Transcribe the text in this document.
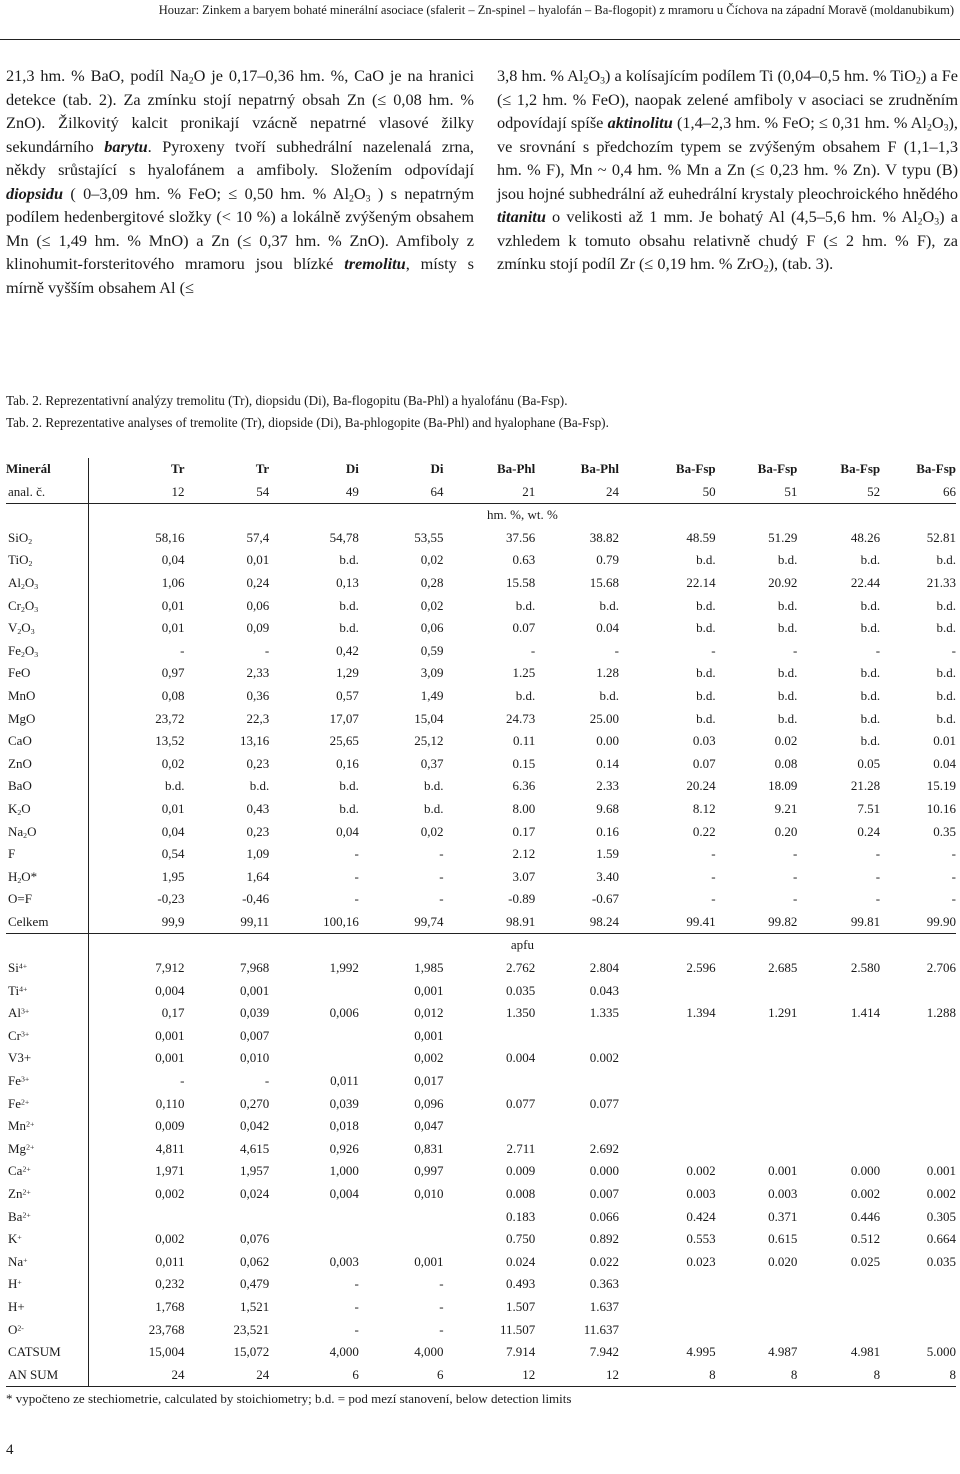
Houzar: Zinkem a baryem bohaté minerální asociace (sfalerit – Zn-spinel – hyalofán – Ba-flogopit) z mramoru u Číchova na západní Moravě (moldanubikum)

21,3 hm. % BaO, podíl $Na_2O$ je 0,17–0,36 hm. %, CaO je na hranici detekce (tab. 2). Za zmínku stojí nepatrný obsah Zn (≤ 0,08 hm. % ZnO). Žilkovitý kalcit pronikají vzácně nepatrné vlasové žilky sekundárního barytu. Pyroxeny tvoří subhedrální nazelenalá zrna, někdy srůstající s hyalofánem a amfiboly. Složením odpovídají diopsidu ( 0–3,09 hm. % FeO; ≤ 0,50 hm. % $Al_2O_3$ ) s nepatrným podílem hedenbergitové složky (< 10 %) a lokálně zvýšeným obsahem Mn (≤ 1,49 hm. % MnO) a Zn (≤ 0,37 hm. % ZnO). Amfiboly z klinohumit-forsteritového mramoru jsou blízké tremolitu, místy s mírně vyšším obsahem Al (≤

3,8 hm. % $Al_2O_3$) a kolísajícím podílem Ti (0,04–0,5 hm. % TiO$_2$) a Fe (≤ 1,2 hm. % FeO), naopak zelené amfiboly v asociaci se zrudněním odpovídají spíše aktinolitu (1,4–2,3 hm. % FeO; ≤ 0,31 hm. % $Al_2O_3$), ve srovnání s předchozím typem se zvýšeným obsahem F (1,1–1,3 hm. % F), Mn ~ 0,4 hm. % Mn a Zn (≤ 0,23 hm. % Zn). V typu (B) jsou hojné subhedrální až euhedrální krystaly pleochroického hnědého titanitu o velikosti až 1 mm. Je bohatý Al (4,5–5,6 hm. % $Al_2O_3$) a vzhledem k tomuto obsahu relativně chudý F (≤ 2 hm. % F), za zmínku stojí podíl Zr (≤ 0,19 hm. % ZrO$_2$), (tab. 3).

Tab. 2. Reprezentativní analýzy tremolitu (Tr), diopsidu (Di), Ba-flogopitu (Ba-Phl) a hyalofánu (Ba-Fsp).
Tab. 2. Reprezentative analyses of tremolite (Tr), diopside (Di), Ba-phlogopite (Ba-Phl) and hyalophane (Ba-Fsp).
Minerál	Tr	Tr	Di	Di	Ba-Phl	Ba-Phl	Ba-Fsp	Ba-Fsp	Ba-Fsp	Ba-Fsp
anal. č.	12	54	49	64	21	24	50	51	52	66
	hm. %, wt. %									
SiO$_2$	58,16	57,4	54,78	53,55	37.56	38.82	48.59	51.29	48.26	52.81
TiO$_2$	0,04	0,01	b.d.	0,02	0.63	0.79	b.d.	b.d.	b.d.	b.d.
$Al_2O_3$	1,06	0,24	0,13	0,28	15.58	15.68	22.14	20.92	22.44	21.33
$Cr_2O_3$	0,01	0,06	b.d.	0,02	b.d.	b.d.	b.d.	b.d.	b.d.	b.d.
$V_2O_3$	0,01	0,09	b.d.	0,06	0.07	0.04	b.d.	b.d.	b.d.	b.d.
$Fe_2O_3$	-	-	0,42	0,59	-	-	-	-	-	-
FeO	0,97	2,33	1,29	3,09	1.25	1.28	b.d.	b.d.	b.d.	b.d.
MnO	0,08	0,36	0,57	1,49	b.d.	b.d.	b.d.	b.d.	b.d.	b.d.
MgO	23,72	22,3	17,07	15,04	24.73	25.00	b.d.	b.d.	b.d.	b.d.
CaO	13,52	13,16	25,65	25,12	0.11	0.00	0.03	0.02	b.d.	0.01
ZnO	0,02	0,23	0,16	0,37	0.15	0.14	0.07	0.08	0.05	0.04
BaO	b.d.	b.d.	b.d.	b.d.	6.36	2.33	20.24	18.09	21.28	15.19
$K_2O$	0,01	0,43	b.d.	b.d.	8.00	9.68	8.12	9.21	7.51	10.16
$Na_2O$	0,04	0,23	0,04	0,02	0.17	0.16	0.22	0.20	0.24	0.35
F	0,54	1,09	-	-	2.12	1.59	-	-	-	-
$H_2O*$	1,95	1,64	-	-	3.07	3.40	-	-	-	-
O=F	-0,23	-0,46	-	-	-0.89	-0.67	-	-	-	-
Celkem	99,9	99,11	100,16	99,74	98.91	98.24	99.41	99.82	99.81	99.90
	apfu									
$Si^{4+}$	7,912	7,968	1,992	1,985	2.762	2.804	2.596	2.685	2.580	2.706
$Ti^{4+}$	0,004	0,001		0,001	0.035	0.043				
$Al^{3+}$	0,17	0,039	0,006	0,012	1.350	1.335	1.394	1.291	1.414	1.288
$Cr^{3+}$	0,001	0,007		0,001						
V3+	0,001	0,010		0,002	0.004	0.002				
$Fe^{3+}$	-	-	0,011	0,017						
$Fe^{2+}$	0,110	0,270	0,039	0,096	0.077	0.077				
$Mn^{2+}$	0,009	0,042	0,018	0,047						
$Mg^{2+}$	4,811	4,615	0,926	0,831	2.711	2.692				
$Ca^{2+}$	1,971	1,957	1,000	0,997	0.009	0.000	0.002	0.001	0.000	0.001
$Zn^{2+}$	0,002	0,024	0,004	0,010	0.008	0.007	0.003	0.003	0.002	0.002
$Ba^{2+}$					0.183	0.066	0.424	0.371	0.446	0.305
K+	0,002	0,076			0.750	0.892	0.553	0.615	0.512	0.664
Na+	0,011	0,062	0,003	0,001	0.024	0.022	0.023	0.020	0.025	0.035
H+	0,232	0,479	-	-	0.493	0.363				
H+	1,768	1,521	-	-	1.507	1.637				
$O^{2-}$	23,768	23,521	-	-	11.507	11.637				
CATSUM	15,004	15,072	4,000	4,000	7.914	7.942	4.995	4.987	4.981	5.000
AN SUM	24	24	6	6	12	12	8	8	8	8
* vypočteno ze stechiometrie, calculated by stoichiometry; b.d. = pod mezí stanovení, below detection limits
4
